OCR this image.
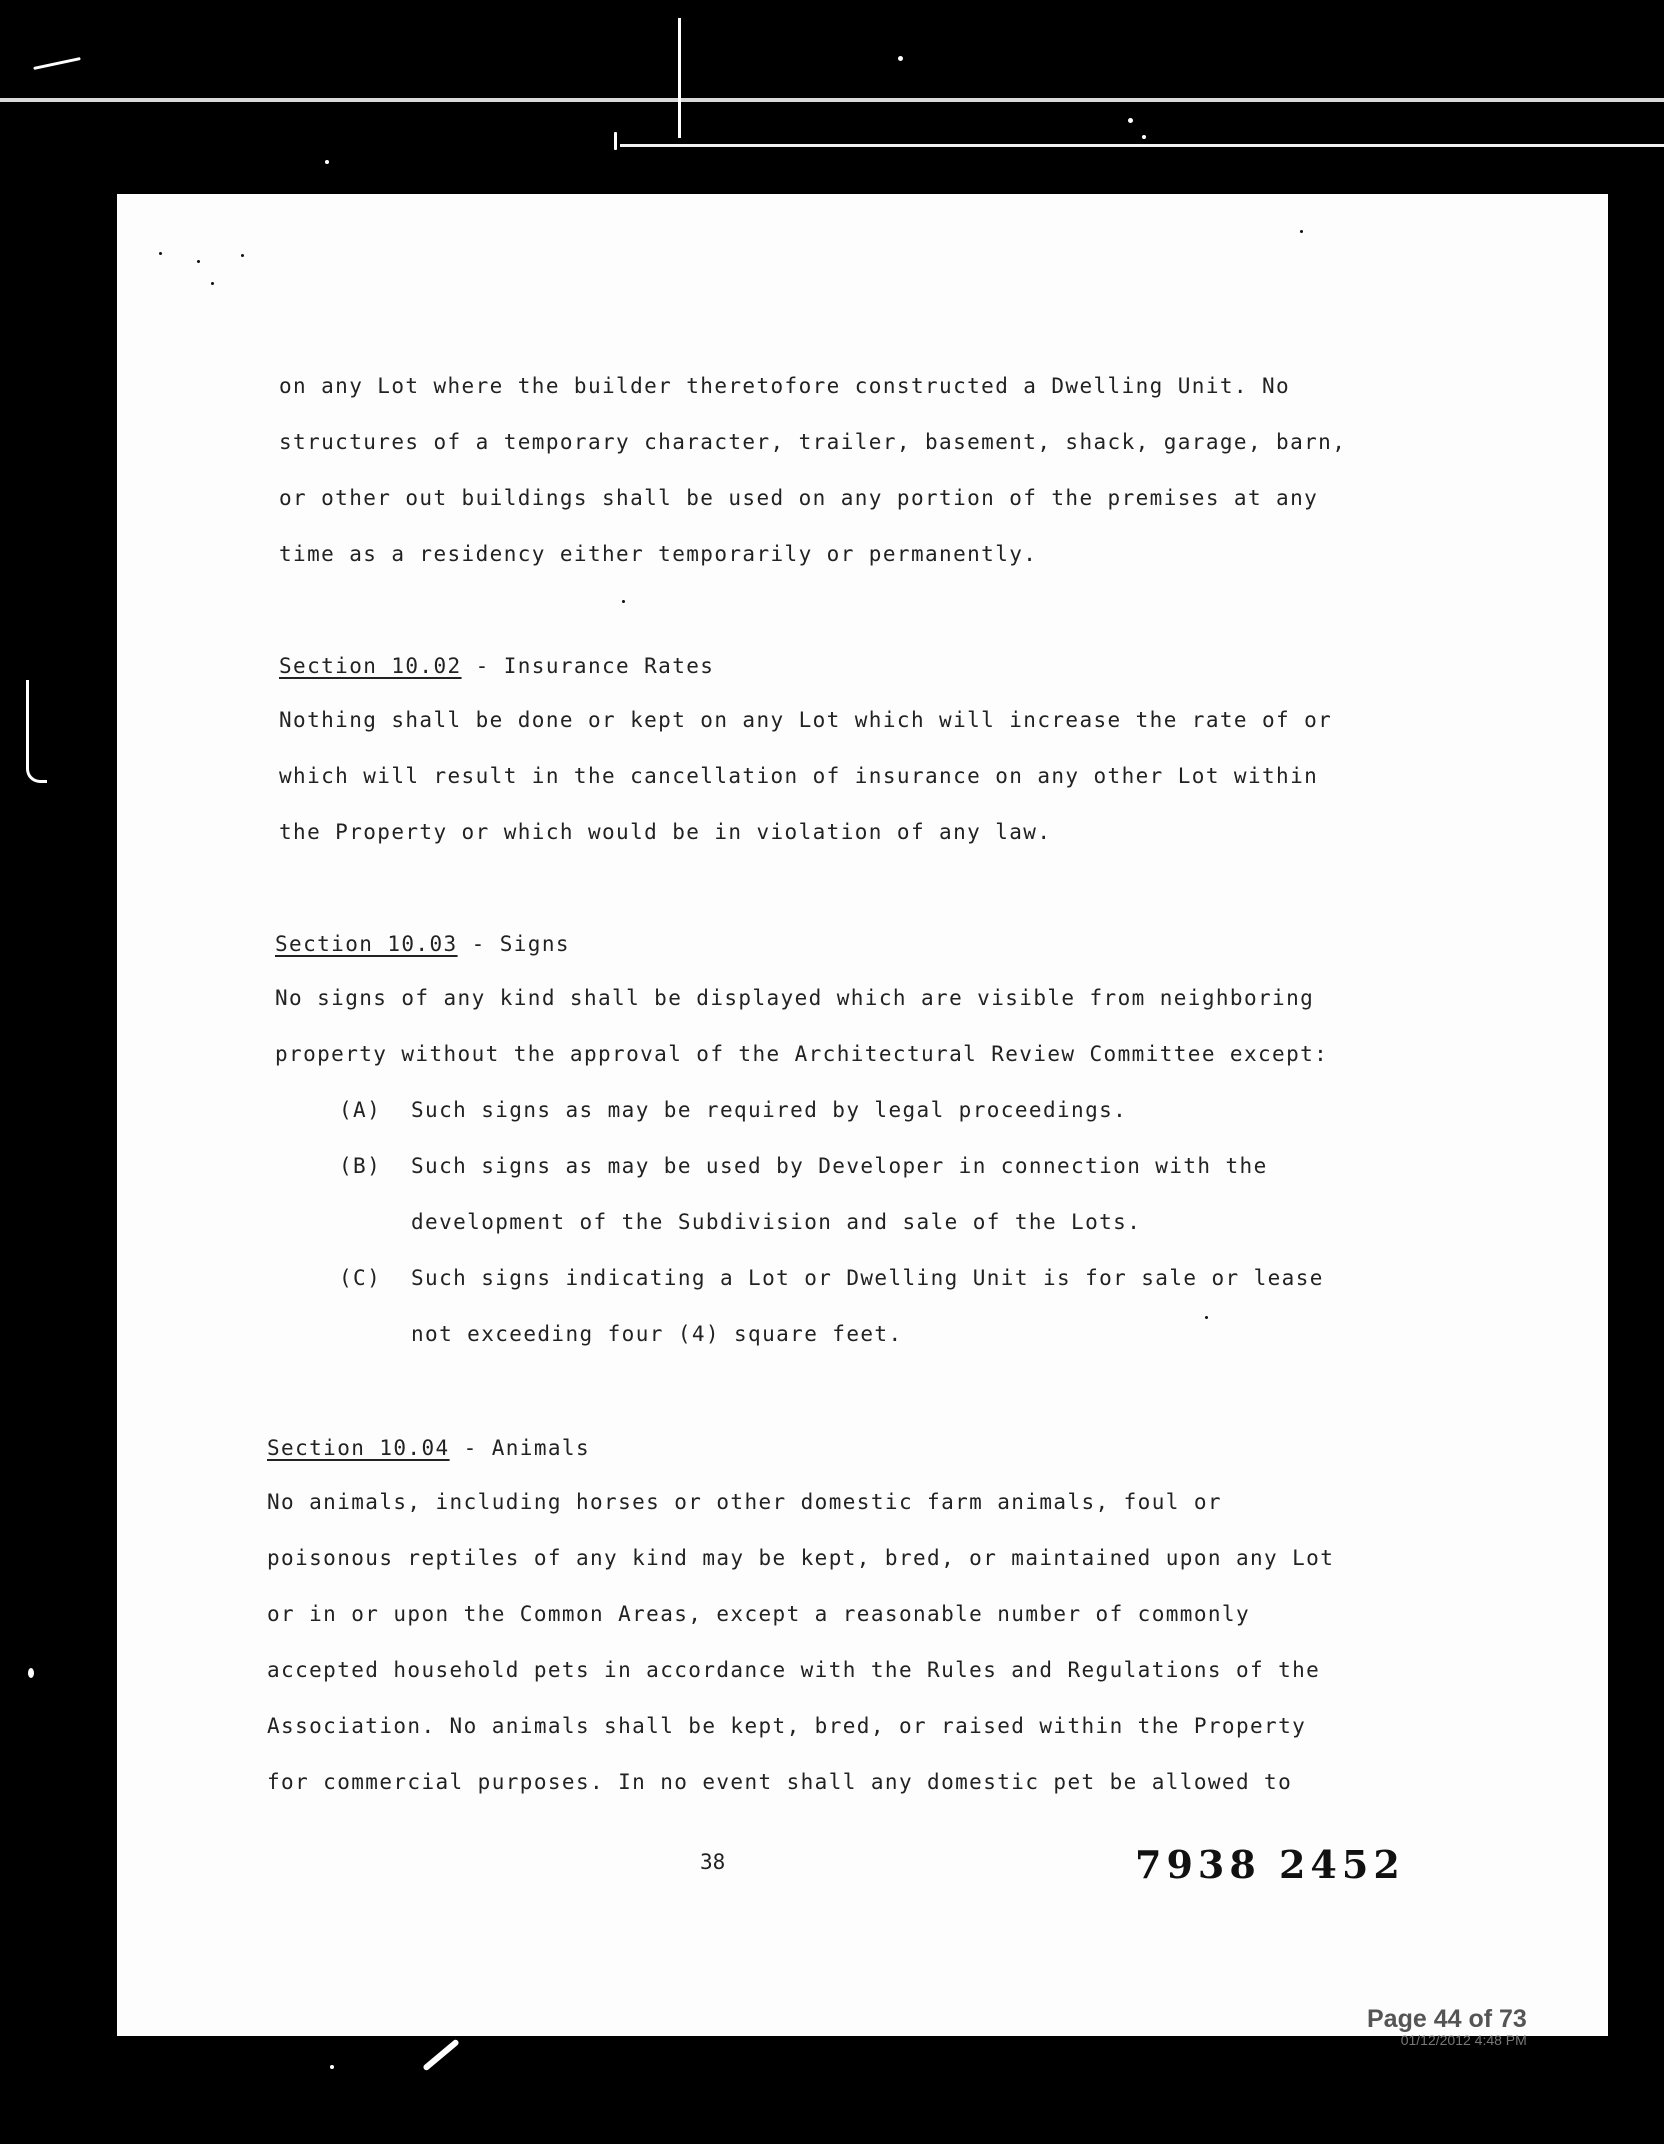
on any Lot where the builder theretofore constructed a Dwelling Unit. No
structures of a temporary character, trailer, basement, shack, garage, barn,
or other out buildings shall be used on any portion of the premises at any
time as a residency either temporarily or permanently.
Section 10.02 - Insurance Rates
Nothing shall be done or kept on any Lot which will increase the rate of or
which will result in the cancellation of insurance on any other Lot within
the Property or which would be in violation of any law.
Section 10.03 - Signs
No signs of any kind shall be displayed which are visible from neighboring
property without the approval of the Architectural Review Committee except:
(A) Such signs as may be required by legal proceedings.
(B) Such signs as may be used by Developer in connection with the
development of the Subdivision and sale of the Lots.
(C) Such signs indicating a Lot or Dwelling Unit is for sale or lease
not exceeding four (4) square feet.
Section 10.04 - Animals
No animals, including horses or other domestic farm animals, foul or
poisonous reptiles of any kind may be kept, bred, or maintained upon any Lot
or in or upon the Common Areas, except a reasonable number of commonly
accepted household pets in accordance with the Rules and Regulations of the
Association. No animals shall be kept, bred, or raised within the Property
for commercial purposes. In no event shall any domestic pet be allowed to
38	7938 2452
Page 44 of 73
01/12/2012 4:48 PM
